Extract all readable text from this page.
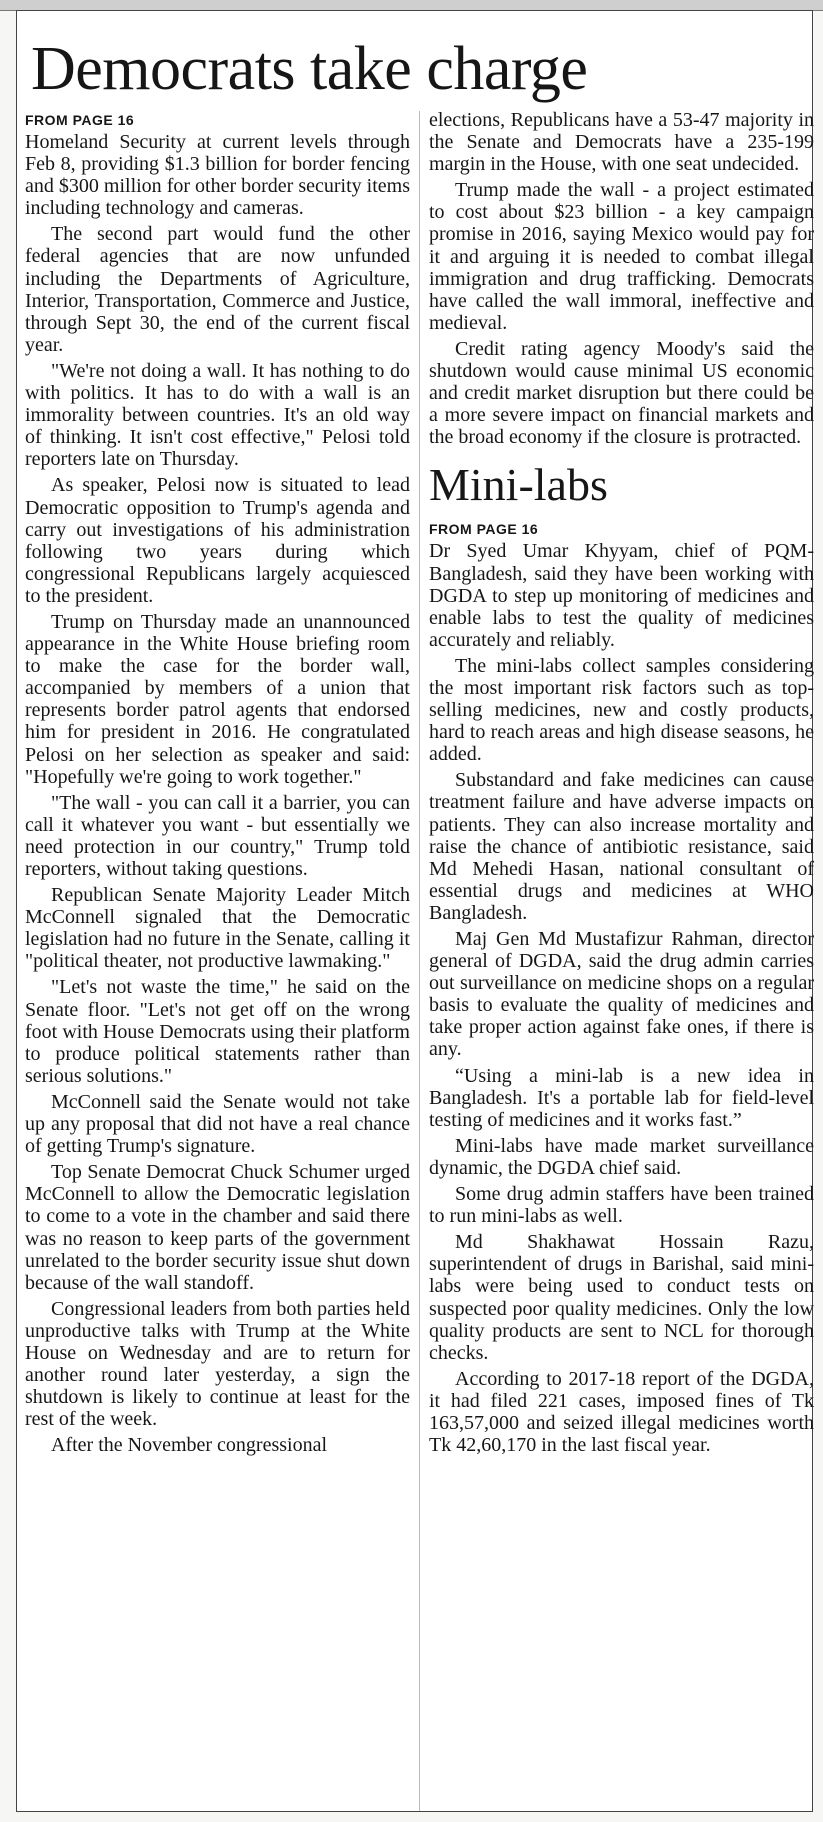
Democrats take charge
FROM PAGE 16

Homeland Security at current levels through Feb 8, providing $1.3 billion for border fencing and $300 million for other border security items including technology and cameras.

The second part would fund the other federal agencies that are now unfunded including the Departments of Agriculture, Interior, Transportation, Commerce and Justice, through Sept 30, the end of the current fiscal year.

"We're not doing a wall. It has nothing to do with politics. It has to do with a wall is an immorality between countries. It's an old way of thinking. It isn't cost effective," Pelosi told reporters late on Thursday.

As speaker, Pelosi now is situated to lead Democratic opposition to Trump's agenda and carry out investigations of his administration following two years during which congressional Republicans largely acquiesced to the president.

Trump on Thursday made an unannounced appearance in the White House briefing room to make the case for the border wall, accompanied by members of a union that represents border patrol agents that endorsed him for president in 2016. He congratulated Pelosi on her selection as speaker and said: "Hopefully we're going to work together."

"The wall - you can call it a barrier, you can call it whatever you want - but essentially we need protection in our country," Trump told reporters, without taking questions.

Republican Senate Majority Leader Mitch McConnell signaled that the Democratic legislation had no future in the Senate, calling it "political theater, not productive lawmaking."

"Let's not waste the time," he said on the Senate floor. "Let's not get off on the wrong foot with House Democrats using their platform to produce political statements rather than serious solutions."

McConnell said the Senate would not take up any proposal that did not have a real chance of getting Trump's signature.

Top Senate Democrat Chuck Schumer urged McConnell to allow the Democratic legislation to come to a vote in the chamber and said there was no reason to keep parts of the government unrelated to the border security issue shut down because of the wall standoff.

Congressional leaders from both parties held unproductive talks with Trump at the White House on Wednesday and are to return for another round later yesterday, a sign the shutdown is likely to continue at least for the rest of the week.

After the November congressional

elections, Republicans have a 53-47 majority in the Senate and Democrats have a 235-199 margin in the House, with one seat undecided.

Trump made the wall - a project estimated to cost about $23 billion - a key campaign promise in 2016, saying Mexico would pay for it and arguing it is needed to combat illegal immigration and drug trafficking. Democrats have called the wall immoral, ineffective and medieval.

Credit rating agency Moody's said the shutdown would cause minimal US economic and credit market disruption but there could be a more severe impact on financial markets and the broad economy if the closure is protracted.

Mini-labs
FROM PAGE 16

Dr Syed Umar Khyyam, chief of PQM-Bangladesh, said they have been working with DGDA to step up monitoring of medicines and enable labs to test the quality of medicines accurately and reliably.

The mini-labs collect samples considering the most important risk factors such as top-selling medicines, new and costly products, hard to reach areas and high disease seasons, he added.

Substandard and fake medicines can cause treatment failure and have adverse impacts on patients. They can also increase mortality and raise the chance of antibiotic resistance, said Md Mehedi Hasan, national consultant of essential drugs and medicines at WHO Bangladesh.

Maj Gen Md Mustafizur Rahman, director general of DGDA, said the drug admin carries out surveillance on medicine shops on a regular basis to evaluate the quality of medicines and take proper action against fake ones, if there is any.

“Using a mini-lab is a new idea in Bangladesh. It's a portable lab for field-level testing of medicines and it works fast.”

Mini-labs have made market surveillance dynamic, the DGDA chief said.

Some drug admin staffers have been trained to run mini-labs as well.

Md Shakhawat Hossain Razu, superintendent of drugs in Barishal, said mini-labs were being used to conduct tests on suspected poor quality medicines. Only the low quality products are sent to NCL for thorough checks.

According to 2017-18 report of the DGDA, it had filed 221 cases, imposed fines of Tk 163,57,000 and seized illegal medicines worth Tk 42,60,170 in the last fiscal year.
